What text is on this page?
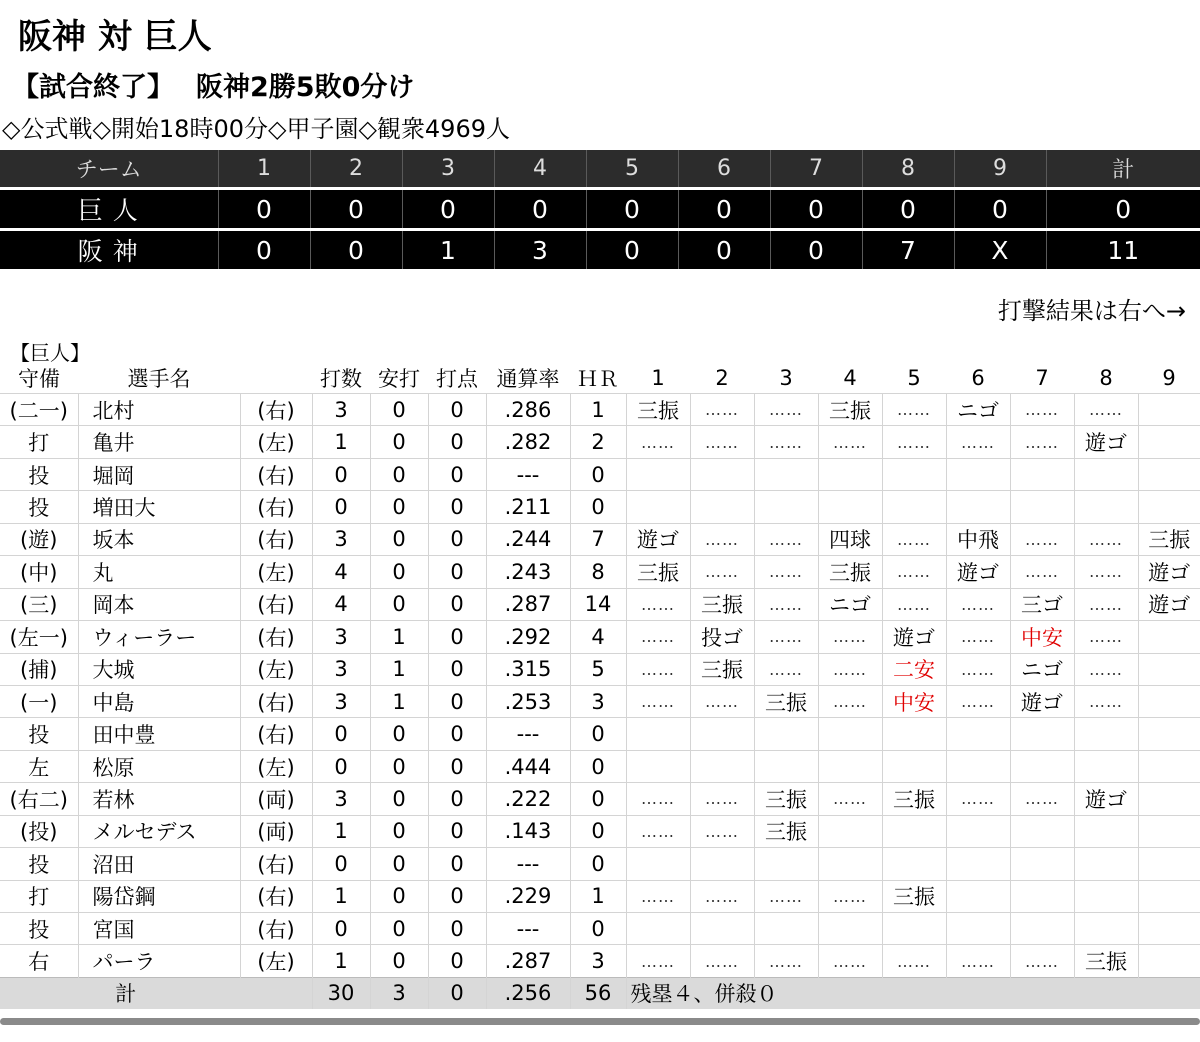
阪神 対 巨人
【試合終了】 阪神2勝5敗0分け
◇公式戦◇開始18時00分◇甲子園◇観衆4969人
チーム	1	2	3	4	5	6	7	8	9	計
巨人	0	0	0	0	0	0	0	0	0	0
阪神	0	0	1	3	0	0	0	7	X	11
打撃結果は右へ→
【巨人】
守備	選手名		打数	安打	打点	通算率	ＨＲ	1	2	3	4	5	6	7	8	9
(二一)	北村	(右)	3	0	0	.286	1	三振	……	……	三振	……	ニゴ	……	……	
打	亀井	(左)	1	0	0	.282	2	……	……	……	……	……	……	……	遊ゴ	
投	堀岡	(右)	0	0	0	---	0									
投	増田大	(右)	0	0	0	.211	0									
(遊)	坂本	(右)	3	0	0	.244	7	遊ゴ	……	……	四球	……	中飛	……	……	三振
(中)	丸	(左)	4	0	0	.243	8	三振	……	……	三振	……	遊ゴ	……	……	遊ゴ
(三)	岡本	(右)	4	0	0	.287	14	……	三振	……	ニゴ	……	……	三ゴ	……	遊ゴ
(左一)	ウィーラー	(右)	3	1	0	.292	4	……	投ゴ	……	……	遊ゴ	……	中安	……	
(捕)	大城	(左)	3	1	0	.315	5	……	三振	……	……	二安	……	ニゴ	……	
(一)	中島	(右)	3	1	0	.253	3	……	……	三振	……	中安	……	遊ゴ	……	
投	田中豊	(右)	0	0	0	---	0									
左	松原	(左)	0	0	0	.444	0									
(右二)	若林	(両)	3	0	0	.222	0	……	……	三振	……	三振	……	……	遊ゴ	
(投)	メルセデス	(両)	1	0	0	.143	0	……	……	三振						
投	沼田	(右)	0	0	0	---	0									
打	陽岱鋼	(右)	1	0	0	.229	1	……	……	……	……	三振				
投	宮国	(右)	0	0	0	---	0									
右	パーラ	(左)	1	0	0	.287	3	……	……	……	……	……	……	……	三振	
計			30	3	0	.256	56	残塁４、併殺０								
